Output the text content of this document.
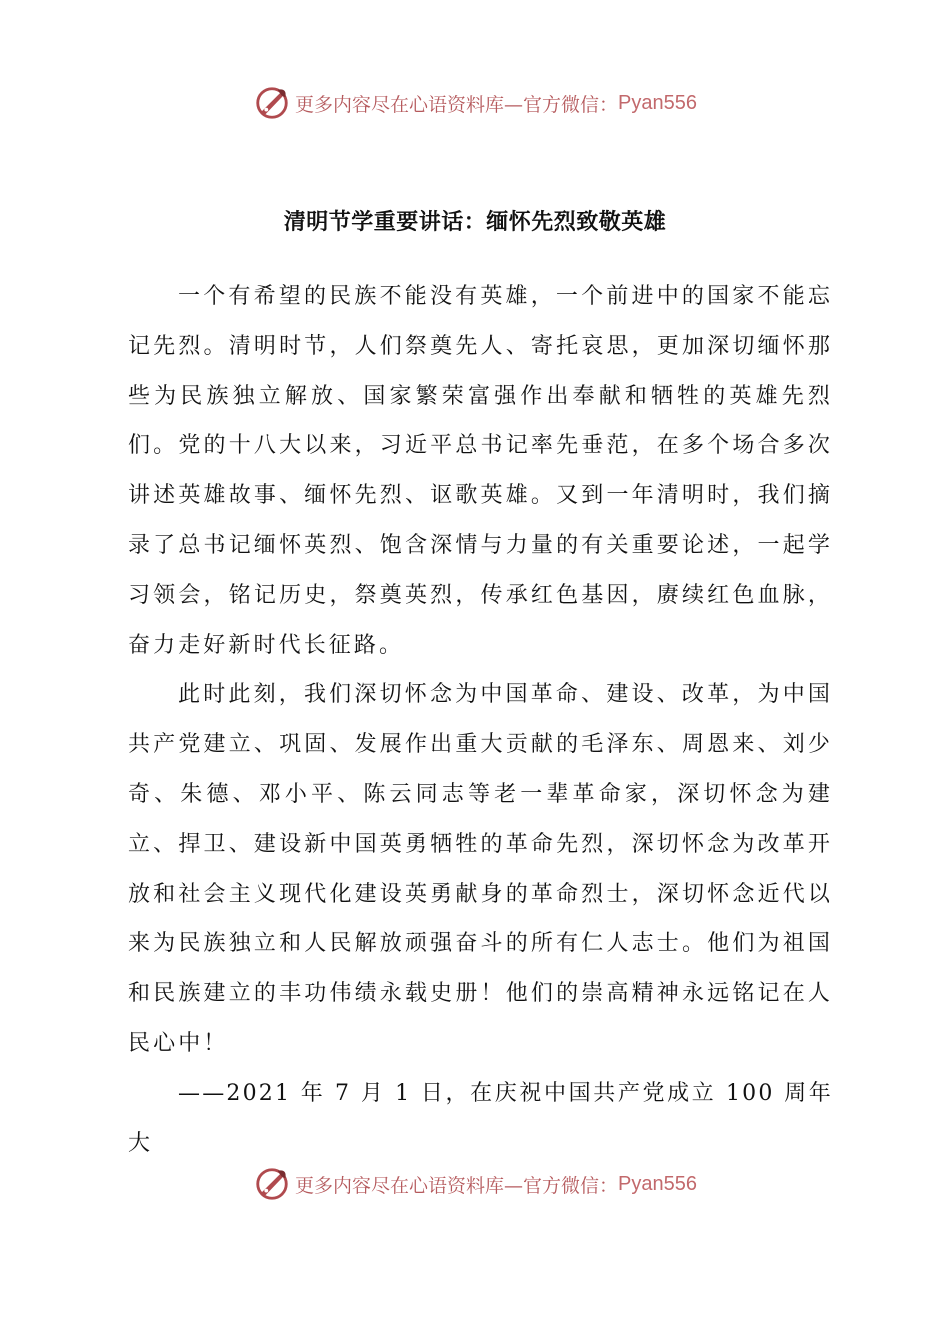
更多内容尽在心语资料库—官方微信： Pyan556
清明节学重要讲话：缅怀先烈致敬英雄

一个有希望的民族不能没有英雄，一个前进中的国家不能忘记先烈。清明时节，人们祭奠先人、寄托哀思，更加深切缅怀那些为民族独立解放、国家繁荣富强作出奉献和牺牲的英雄先烈们。党的十八大以来，习近平总书记率先垂范，在多个场合多次讲述英雄故事、缅怀先烈、讴歌英雄。又到一年清明时，我们摘录了总书记缅怀英烈、饱含深情与力量的有关重要论述，一起学习领会，铭记历史，祭奠英烈，传承红色基因，赓续红色血脉，奋力走好新时代长征路。

此时此刻，我们深切怀念为中国革命、建设、改革，为中国共产党建立、巩固、发展作出重大贡献的毛泽东、周恩来、刘少奇、朱德、邓小平、陈云同志等老一辈革命家，深切怀念为建立、捍卫、建设新中国英勇牺牲的革命先烈，深切怀念为改革开放和社会主义现代化建设英勇献身的革命烈士，深切怀念近代以来为民族独立和人民解放顽强奋斗的所有仁人志士。他们为祖国和民族建立的丰功伟绩永载史册！他们的崇高精神永远铭记在人民心中！

——2021 年 7 月 1 日，在庆祝中国共产党成立 100 周年大

更多内容尽在心语资料库—官方微信： Pyan556
